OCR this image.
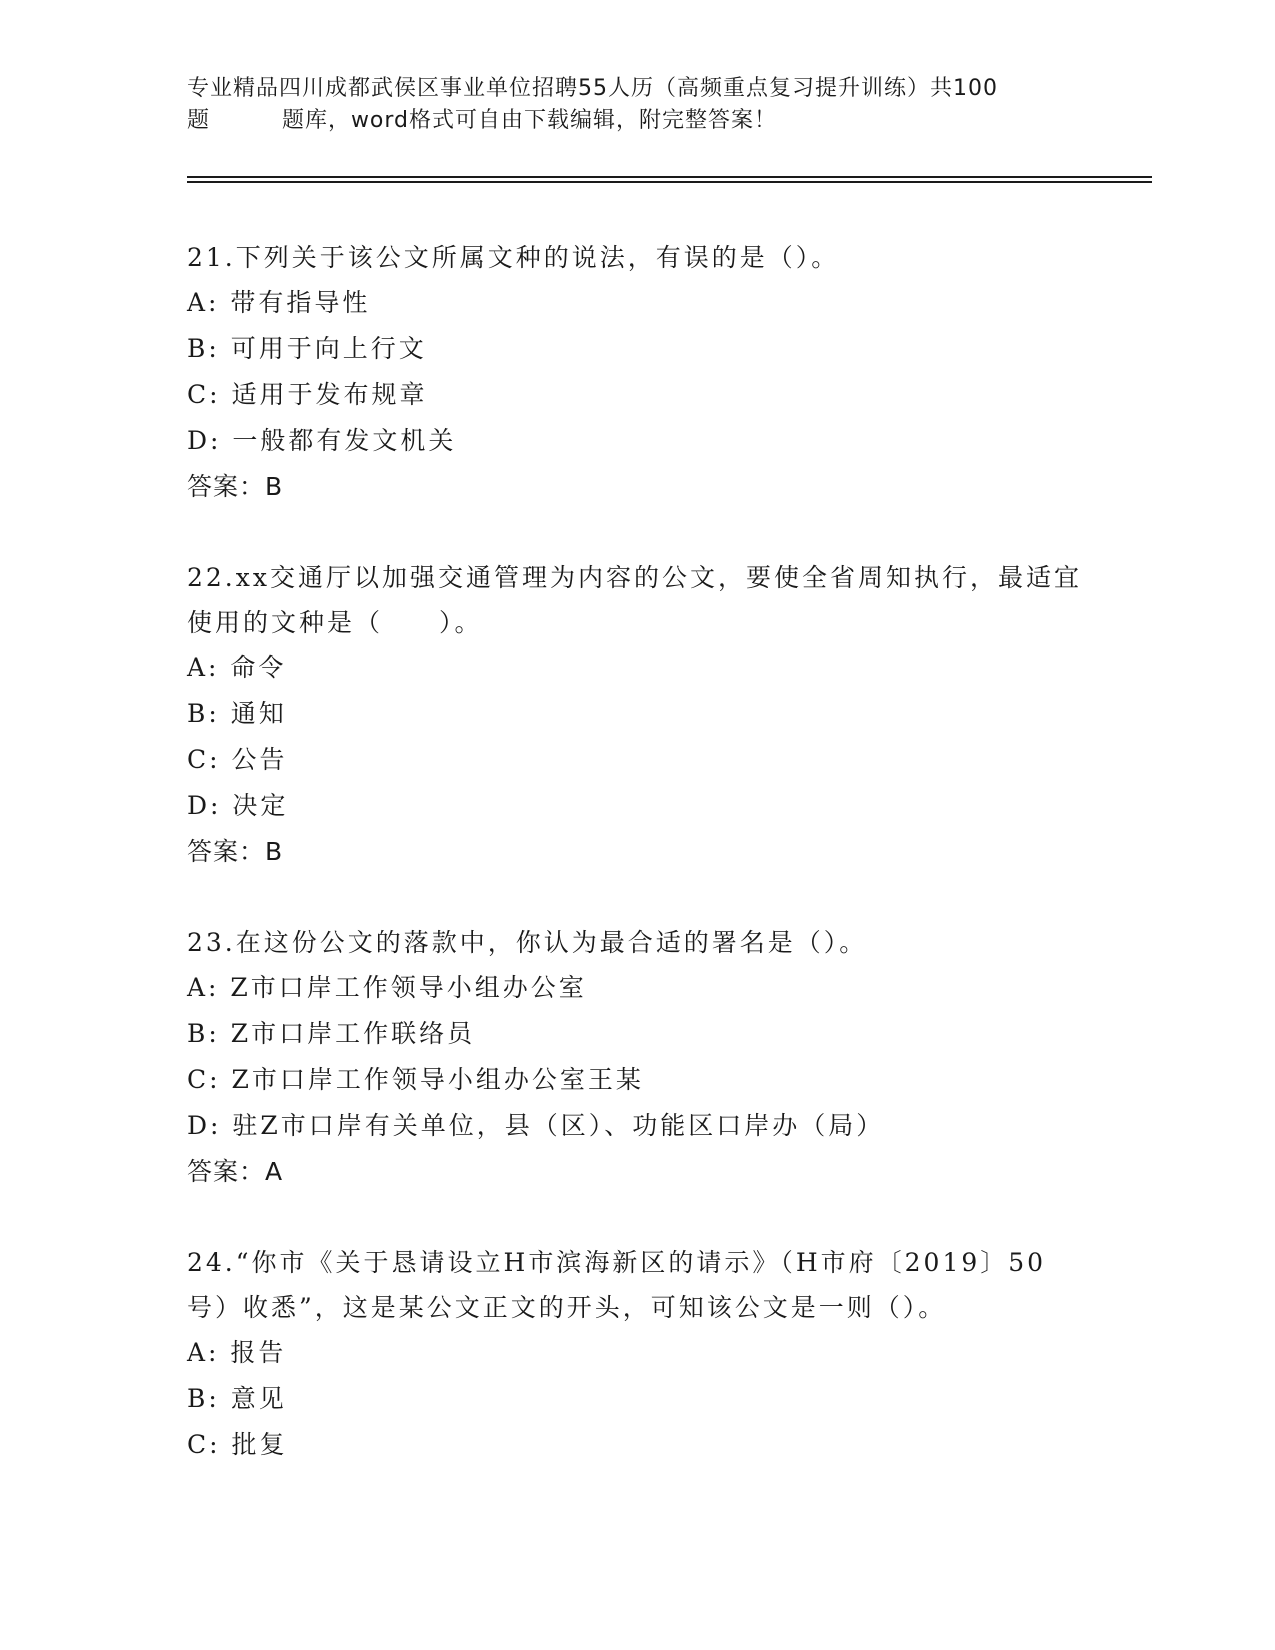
专业精品四川成都武侯区事业单位招聘55人历（高频重点复习提升训练）共100

题         题库，word格式可自由下载编辑，附完整答案！

21.下列关于该公文所属文种的说法，有误的是（）。

A: 带有指导性

B: 可用于向上行文

C: 适用于发布规章

D: 一般都有发文机关

答案：B

22.xx交通厅以加强交通管理为内容的公文，要使全省周知执行，最适宜使用的文种是（　　）。

A: 命令

B: 通知

C: 公告

D: 决定

答案：B

23.在这份公文的落款中，你认为最合适的署名是（）。

A: Z市口岸工作领导小组办公室

B: Z市口岸工作联络员

C: Z市口岸工作领导小组办公室王某

D: 驻Z市口岸有关单位，县（区）、功能区口岸办（局）

答案：A

24.“你市《关于恳请设立H市滨海新区的请示》（H市府〔2019〕50号）收悉”，这是某公文正文的开头，可知该公文是一则（）。

A: 报告

B: 意见

C: 批复
